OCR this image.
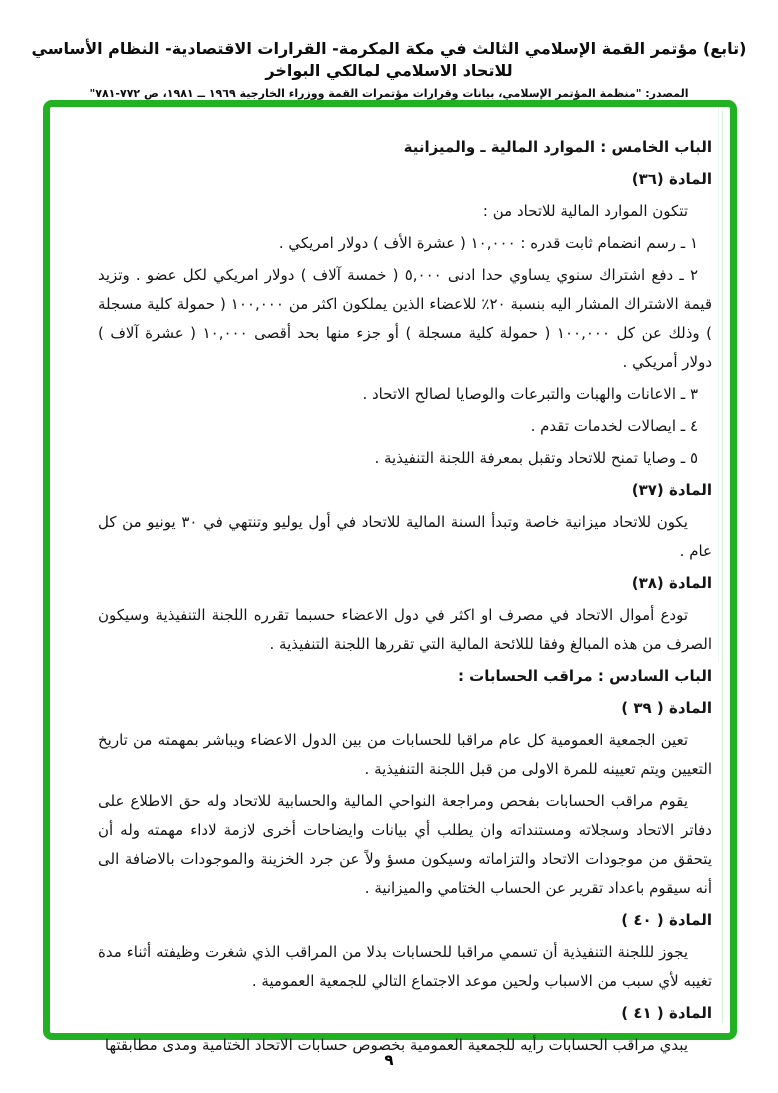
(تابع) مؤتمر القمة الإسلامي الثالث في مكة المكرمة- القرارات الاقتصادية- النظام الأساسي للاتحاد الاسلامي لمالكي البواخر
المصدر: "منظمة المؤتمر الإسلامي، بيانات وقرارات مؤتمرات القمة ووزراء الخارجية ١٩٦٩ ــ ١٩٨١، ص ٧٧٢-٧٨١"
الباب الخامس : الموارد المالية ـ والميزانية
المادة (٣٦)
تتكون الموارد المالية للاتحاد من :
١ ـ رسم انضمام ثابت قدره : ١٠,٠٠٠ ( عشرة الأف ) دولار امريكي .
٢ ـ دفع اشتراك سنوي يساوي حدا ادنى ٥,٠٠٠ ( خمسة آلاف ) دولار امريكي لكل عضو . وتزيد قيمة الاشتراك المشار اليه بنسبة ٢٠٪ للاعضاء الذين يملكون اكثر من ١٠٠,٠٠٠ ( حمولة كلية مسجلة ) وذلك عن كل ١٠٠,٠٠٠ ( حمولة كلية مسجلة ) أو جزء منها بحد أقصى ١٠,٠٠٠ ( عشرة آلاف ) دولار أمريكي .
٣ ـ الاعانات والهبات والتبرعات والوصايا لصالح الاتحاد .
٤ ـ ايصالات لخدمات تقدم .
٥ ـ وصايا تمنح للاتحاد وتقبل بمعرفة اللجنة التنفيذية .
المادة (٣٧)
يكون للاتحاد ميزانية خاصة وتبدأ السنة المالية للاتحاد في أول يوليو وتنتهي في ٣٠ يونيو من كل عام .
المادة (٣٨)
تودع أموال الاتحاد في مصرف او اكثر في دول الاعضاء حسبما تقرره اللجنة التنفيذية وسيكون الصرف من هذه المبالغ وفقا لللائحة المالية التي تقررها اللجنة التنفيذية .
الباب السادس : مراقب الحسابات :
المادة ( ٣٩ )
تعين الجمعية العمومية كل عام مراقبا للحسابات من بين الدول الاعضاء ويباشر بمهمته من تاريخ التعيين ويتم تعيينه للمرة الاولى من قبل اللجنة التنفيذية .
يقوم مراقب الحسابات بفحص ومراجعة النواحي المالية والحسابية للاتحاد وله حق الاطلاع على دفاتر الاتحاد وسجلاته ومستنداته وان يطلب أي بيانات وايضاحات أخرى لازمة لاداء مهمته وله أن يتحقق من موجودات الاتحاد والتزاماته وسيكون مسؤ ولاً عن جرد الخزينة والموجودات بالاضافة الى أنه سيقوم باعداد تقرير عن الحساب الختامي والميزانية .
المادة ( ٤٠ )
يجوز لللجنة التنفيذية أن تسمي مراقبا للحسابات بدلا من المراقب الذي شغرت وظيفته أثناء مدة تغيبه لأي سبب من الاسباب ولحين موعد الاجتماع التالي للجمعية العمومية .
المادة ( ٤١ )
يبدي مراقب الحسابات رأيه للجمعية العمومية بخصوص حسابات الاتحاد الختامية ومدى مطابقتها
٩
